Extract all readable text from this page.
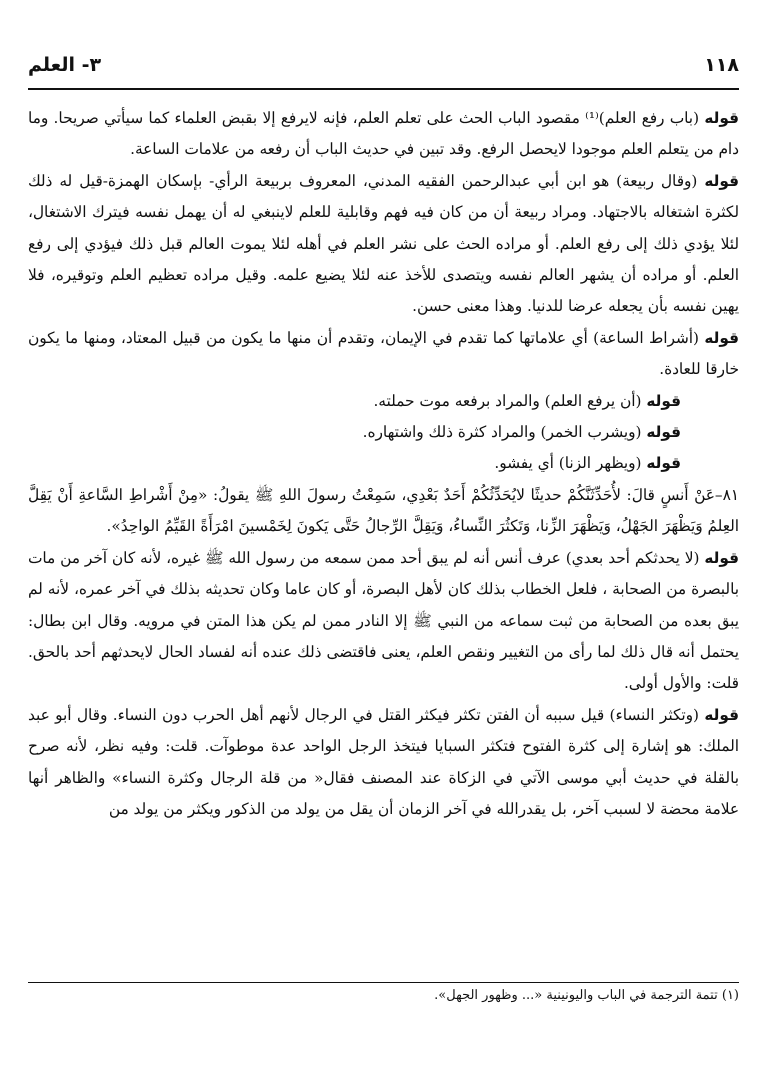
١١٨
٣- العلم

قوله (باب رفع العلم)⁽¹⁾ مقصود الباب الحث على تعلم العلم، فإنه لايرفع إلا بقبض العلماء كما سيأتي صريحا. وما دام من يتعلم العلم موجودا لايحصل الرفع. وقد تبين في حديث الباب أن رفعه من علامات الساعة.

قوله (وقال ربيعة) هو ابن أبي عبدالرحمن الفقيه المدني، المعروف بربيعة الرأي- بإسكان الهمزة-قيل له ذلك لكثرة اشتغاله بالاجتهاد. ومراد ربيعة أن من كان فيه فهم وقابلية للعلم لاينبغي له أن يهمل نفسه فيترك الاشتغال، لئلا يؤدي ذلك إلى رفع العلم. أو مراده الحث على نشر العلم في أهله لئلا يموت العالم قبل ذلك فيؤدي إلى رفع العلم. أو مراده أن يشهر العالم نفسه ويتصدى للأخذ عنه لئلا يضيع علمه. وقيل مراده تعظيم العلم وتوقيره، فلا يهين نفسه بأن يجعله عرضا للدنيا. وهذا معنى حسن.

قوله (أشراط الساعة) أي علاماتها كما تقدم في الإيمان، وتقدم أن منها ما يكون من قبيل المعتاد، ومنها ما يكون خارقا للعادة.

قوله (أن يرفع العلم) والمراد برفعه موت حملته.

قوله (ويشرب الخمر) والمراد كثرة ذلك واشتهاره.

قوله (ويظهر الزنا) أي يفشو.

٨١–عَنْ أَنسٍ قالَ: لأُحَدِّثَنَّكُمْ حديثًا لايُحَدِّثُكُمْ أَحَدٌ بَعْدِي، سَمِعْتُ رسولَ اللهِ ﷺ يقولُ: «مِنْ أَشْراطِ السَّاعةِ أَنْ يَقِلَّ العِلمُ وَيَظْهَرَ الجَهْلُ، وَيَظْهَرَ الزِّنا، وَتَكثُرَ النِّساءُ، وَيَقِلَّ الرِّجالُ حَتَّى يَكونَ لِخَمْسينَ امْرَأَةً القَيِّمُ الواحِدُ».

قوله (لا يحدثكم أحد بعدي) عرف أنس أنه لم يبق أحد ممن سمعه من رسول الله ﷺ غيره، لأنه كان آخر من مات بالبصرة من الصحابة ، فلعل الخطاب بذلك كان لأهل البصرة، أو كان عاما وكان تحديثه بذلك في آخر عمره، لأنه لم يبق بعده من الصحابة من ثبت سماعه من النبي ﷺ إلا النادر ممن لم يكن هذا المتن في مرويه. وقال ابن بطال: يحتمل أنه قال ذلك لما رأى من التغيير ونقص العلم، يعنى فاقتضى ذلك عنده أنه لفساد الحال لايحدثهم أحد بالحق. قلت: والأول أولى.

قوله (وتكثر النساء) قيل سببه أن الفتن تكثر فيكثر القتل في الرجال لأنهم أهل الحرب دون النساء. وقال أبو عبد الملك: هو إشارة إلى كثرة الفتوح فتكثر السبايا فيتخذ الرجل الواحد عدة موطوآت. قلت: وفيه نظر، لأنه صرح بالقلة في حديث أبي موسى الآتي في الزكاة عند المصنف فقال« من قلة الرجال وكثرة النساء» والظاهر أنها علامة محضة لا لسبب آخر، بل يقدرالله في آخر الزمان أن يقل من يولد من الذكور ويكثر من يولد من

(١) تتمة الترجمة في الباب واليونينية «... وظهور الجهل».
